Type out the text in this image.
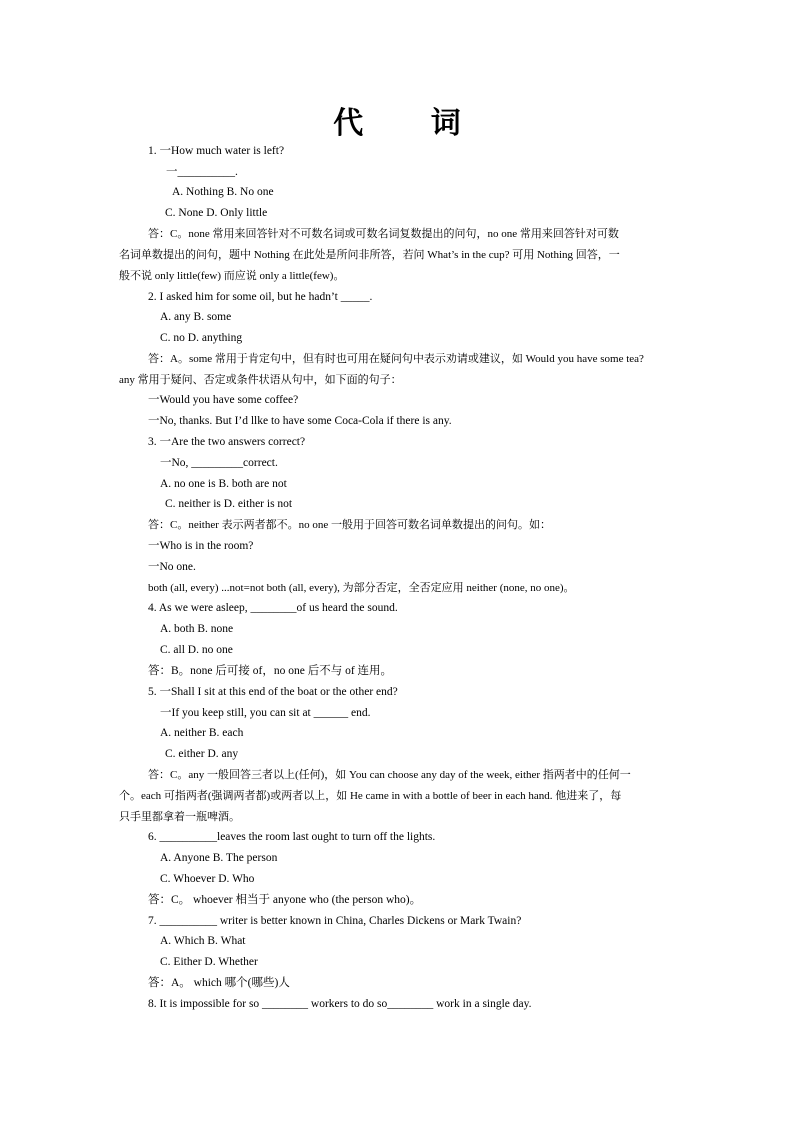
代 词
1. 一How much water is left?
一__________.
A. Nothing B. No one
C. None D. Only little
答：C。none 常用来回答针对不可数名词或可数名词复数提出的问句，no one 常用来回答针对可数
名词单数提出的问句，题中 Nothing 在此处是所问非所答，若问 What’s in the cup? 可用 Nothing 回答，一
般不说 only little(few) 而应说 only a little(few)。
2. I asked him for some oil, but he hadn’t _____.
A. any B. some
C. no D. anything
答：A。some 常用于肯定句中，但有时也可用在疑问句中表示劝请或建议，如 Would you have some tea?
any 常用于疑问、否定或条件状语从句中，如下面的句子：
一Would you have some coffee?
一No, thanks. But I’d llke to have some Coca-Cola if there is any.
3. 一Are the two answers correct?
一No, _________correct.
A. no one is B. both are not
C. neither is D. either is not
答：C。neither 表示两者都不。no one 一般用于回答可数名词单数提出的问句。如：
一Who is in the room?
一No one.
both (all, every) ...not=not both (all, every), 为部分否定，全否定应用 neither (none, no one)。
4. As we were asleep, ________of us heard the sound.
A. both B. none
C. all D. no one
答：B。none 后可接 of，no one 后不与 of 连用。
5. 一Shall I sit at this end of the boat or the other end?
一If you keep still, you can sit at ______ end.
A. neither B. each
C. either D. any
答：C。any 一般回答三者以上(任何)，如 You can choose any day of the week, either 指两者中的任何一
个。each 可指两者(强调两者都)或两者以上，如 He came in with a bottle of beer in each hand. 他进来了，每
只手里都拿着一瓶啤酒。
6. __________leaves the room last ought to turn off the lights.
A. Anyone B. The person
C. Whoever D. Who
答：C。 whoever 相当于 anyone who (the person who)。
7. __________ writer is better known in China, Charles Dickens or Mark Twain?
A. Which B. What
C. Either D. Whether
答：A。 which 哪个(哪些)人
8. It is impossible for so ________ workers to do so________ work in a single day.
